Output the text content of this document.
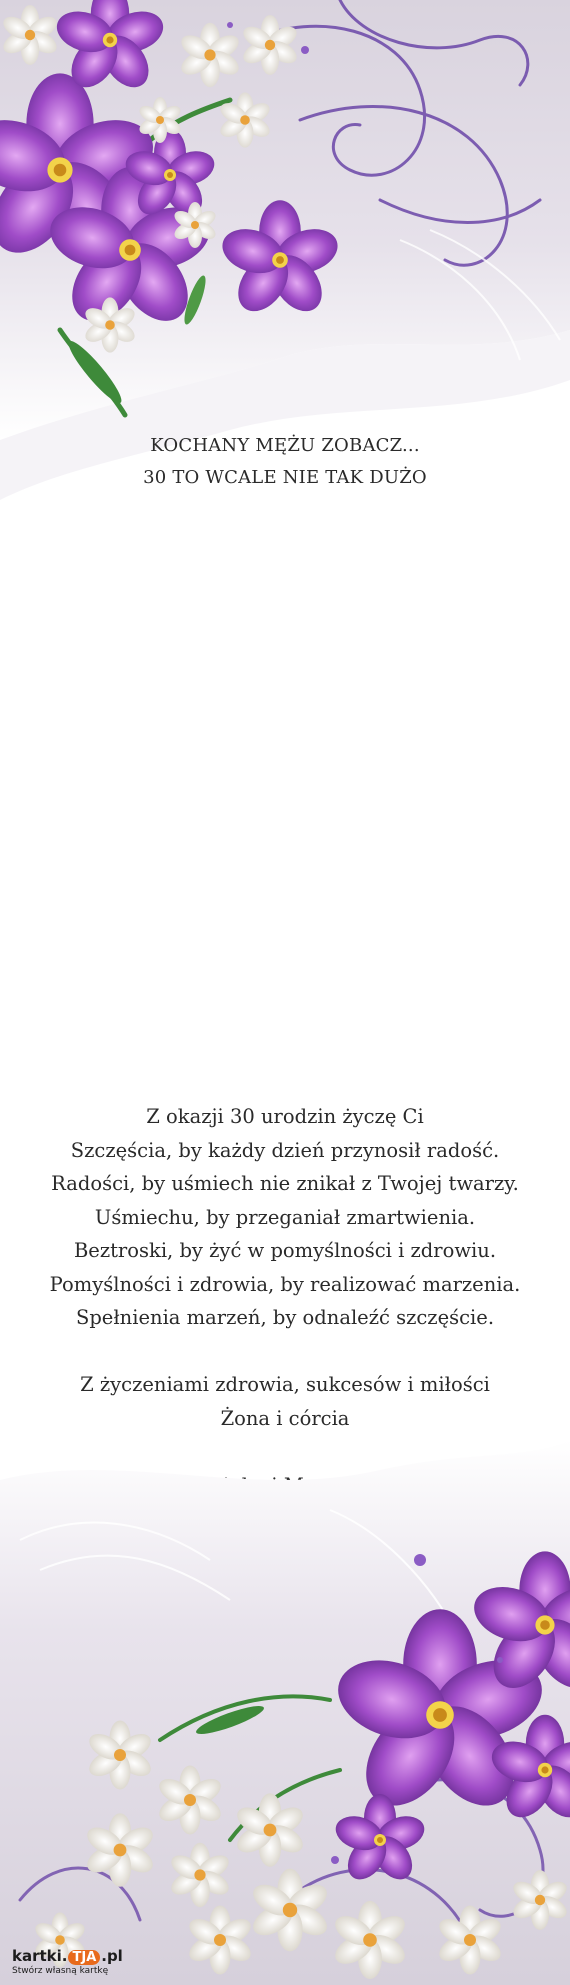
KOCHANY MĘŻU ZOBACZ...
30 TO WCALE NIE TAK DUŻO
Z okazji 30 urodzin życzę Ci
Szczęścia, by każdy dzień przynosił radość.
Radości, by uśmiech nie znikał z Twojej twarzy.
Uśmiechu, by przeganiał zmartwienia.
Beztroski, by żyć w pomyślności i zdrowiu.
Pomyślności i zdrowia, by realizować marzenia.
Spełnienia marzeń, by odnaleźć szczęście.
Z życzeniami zdrowia, sukcesów i miłości
Żona i córcia
kartki. TJA .pl
Stwórz własną kartkę
